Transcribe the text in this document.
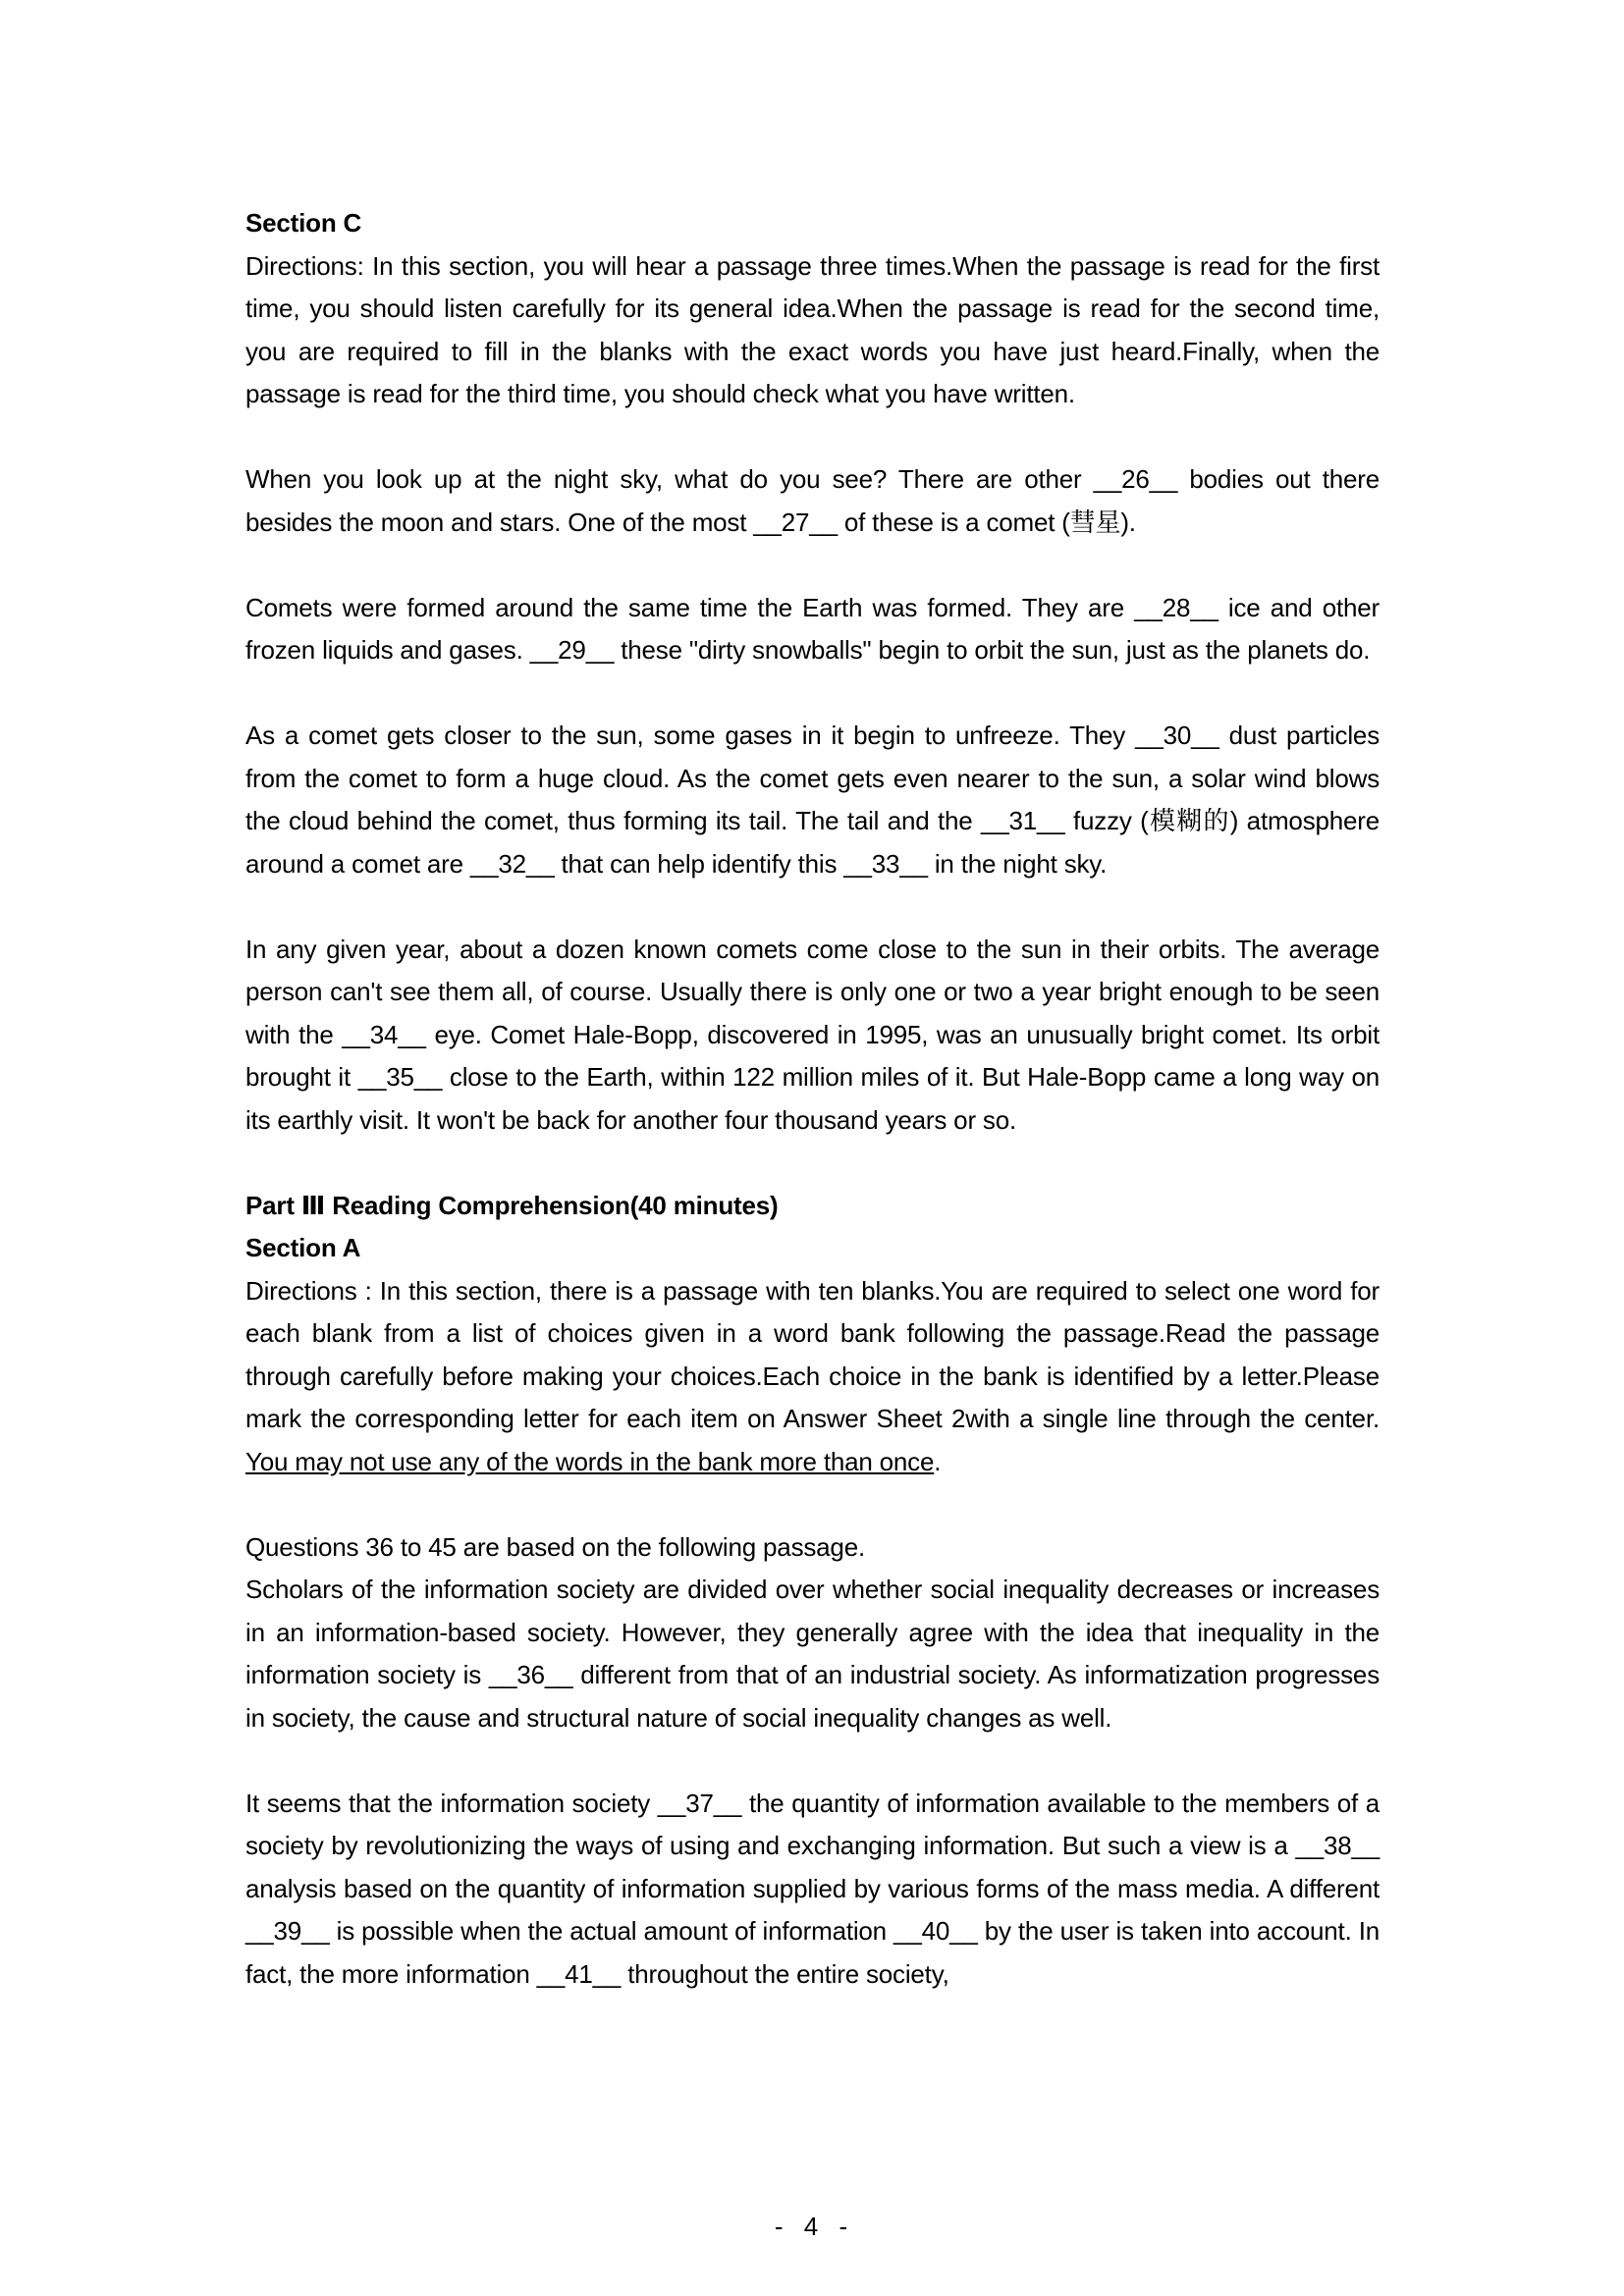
Section C

Directions: In this section, you will hear a passage three times.When the passage is read for the first time, you should listen carefully for its general idea.When the passage is read for the second time, you are required to fill in the blanks with the exact words you have just heard.Finally, when the passage is read for the third time, you should check what you have written.

When you look up at the night sky, what do you see? There are other __26__ bodies out there besides the moon and stars. One of the most __27__ of these is a comet (彗星).

Comets were formed around the same time the Earth was formed. They are __28__ ice and other frozen liquids and gases. __29__ these "dirty snowballs" begin to orbit the sun, just as the planets do.

As a comet gets closer to the sun, some gases in it begin to unfreeze. They __30__ dust particles from the comet to form a huge cloud. As the comet gets even nearer to the sun, a solar wind blows the cloud behind the comet, thus forming its tail. The tail and the __31__ fuzzy (模糊的) atmosphere around a comet are __32__ that can help identify this __33__ in the night sky.

In any given year, about a dozen known comets come close to the sun in their orbits. The average person can't see them all, of course. Usually there is only one or two a year bright enough to be seen with the __34__ eye. Comet Hale-Bopp, discovered in 1995, was an unusually bright comet. Its orbit brought it __35__ close to the Earth, within 122 million miles of it. But Hale-Bopp came a long way on its earthly visit. It won't be back for another four thousand years or so.

Part Ⅲ Reading Comprehension(40 minutes)
Section A

Directions : In this section, there is a passage with ten blanks.You are required to select one word for each blank from a list of choices given in a word bank following the passage.Read the passage through carefully before making your choices.Each choice in the bank is identified by a letter.Please mark the corresponding letter for each item on Answer Sheet 2with a single line through the center. You may not use any of the words in the bank more than once.

Questions 36 to 45 are based on the following passage.

Scholars of the information society are divided over whether social inequality decreases or increases in an information-based society. However, they generally agree with the idea that inequality in the information society is __36__ different from that of an industrial society. As informatization progresses in society, the cause and structural nature of social inequality changes as well.

It seems that the information society __37__ the quantity of information available to the members of a society by revolutionizing the ways of using and exchanging information. But such a view is a __38__ analysis based on the quantity of information supplied by various forms of the mass media. A different __39__ is possible when the actual amount of information __40__ by the user is taken into account. In fact, the more information __41__ throughout the entire society,

- 4 -
